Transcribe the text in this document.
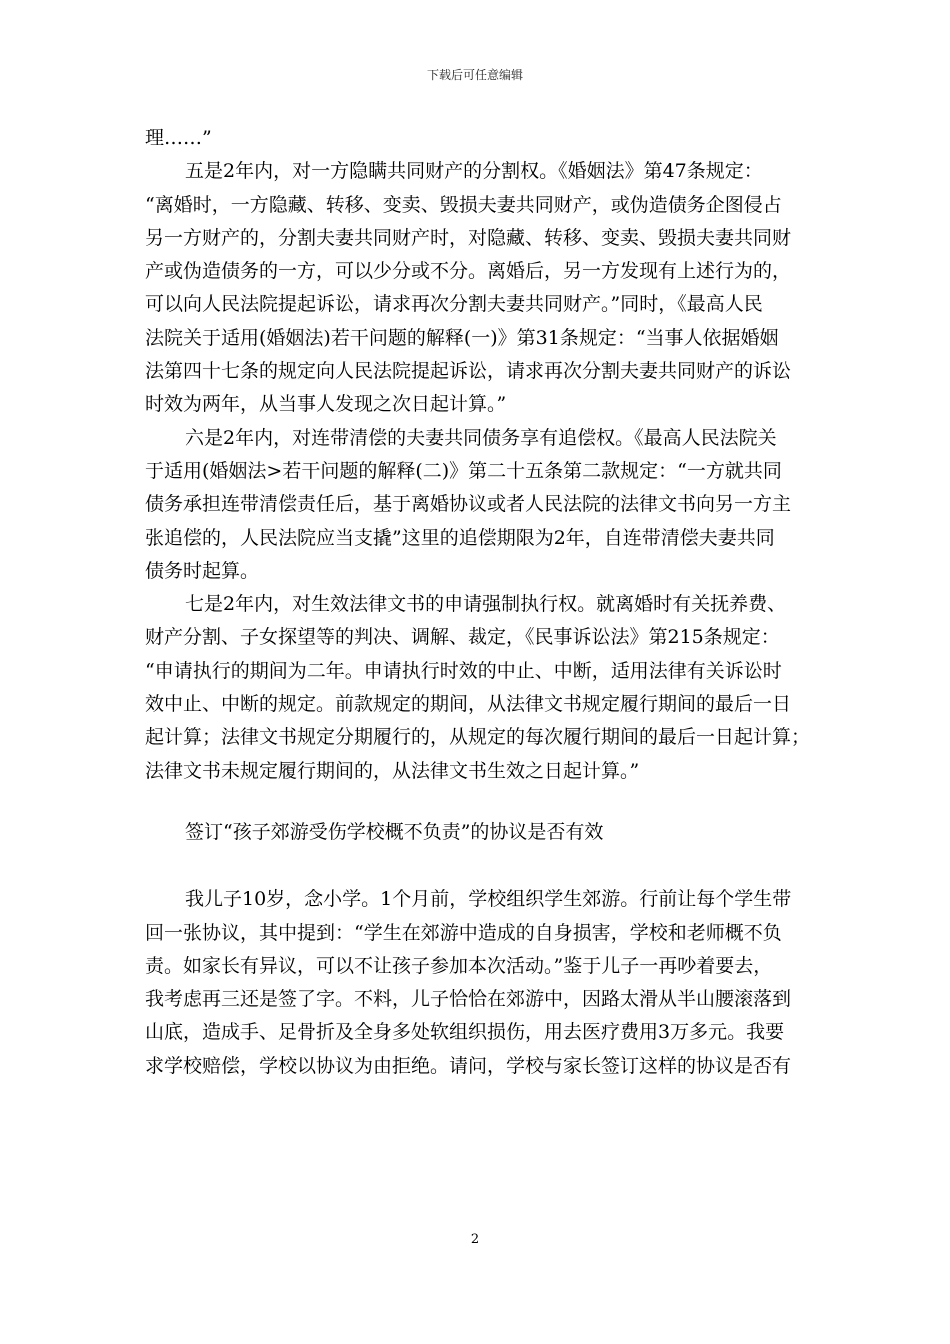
下载后可任意编辑
理……”
五是2年内，对一方隐瞒共同财产的分割权。《婚姻法》第47条规定：
“离婚时，一方隐藏、转移、变卖、毁损夫妻共同财产，或伪造债务企图侵占
另一方财产的，分割夫妻共同财产时，对隐藏、转移、变卖、毁损夫妻共同财
产或伪造债务的一方，可以少分或不分。离婚后，另一方发现有上述行为的，
可以向人民法院提起诉讼，请求再次分割夫妻共同财产。”同时，《最高人民
法院关于适用(婚姻法)若干问题的解释(一)》第31条规定：“当事人依据婚姻
法第四十七条的规定向人民法院提起诉讼，请求再次分割夫妻共同财产的诉讼
时效为两年，从当事人发现之次日起计算。”
六是2年内，对连带清偿的夫妻共同债务享有追偿权。《最高人民法院关
于适用(婚姻法>若干问题的解释(二)》第二十五条第二款规定：“一方就共同
债务承担连带清偿责任后，基于离婚协议或者人民法院的法律文书向另一方主
张追偿的，人民法院应当支撬”这里的追偿期限为2年，自连带清偿夫妻共同
债务时起算。
七是2年内，对生效法律文书的申请强制执行权。就离婚时有关抚养费、
财产分割、子女探望等的判决、调解、裁定，《民事诉讼法》第215条规定：
“申请执行的期间为二年。申请执行时效的中止、中断，适用法律有关诉讼时
效中止、中断的规定。前款规定的期间，从法律文书规定履行期间的最后一日
起计算；法律文书规定分期履行的，从规定的每次履行期间的最后一日起计算；
法律文书未规定履行期间的，从法律文书生效之日起计算。”
签订“孩子郊游受伤学校概不负责”的协议是否有效
我儿子10岁，念小学。1个月前，学校组织学生郊游。行前让每个学生带
回一张协议，其中提到：“学生在郊游中造成的自身损害，学校和老师概不负
责。如家长有异议，可以不让孩子参加本次活动。”鉴于儿子一再吵着要去，
我考虑再三还是签了字。不料，儿子恰恰在郊游中，因路太滑从半山腰滚落到
山底，造成手、足骨折及全身多处软组织损伤，用去医疗费用3万多元。我要
求学校赔偿，学校以协议为由拒绝。请问，学校与家长签订这样的协议是否有
2
